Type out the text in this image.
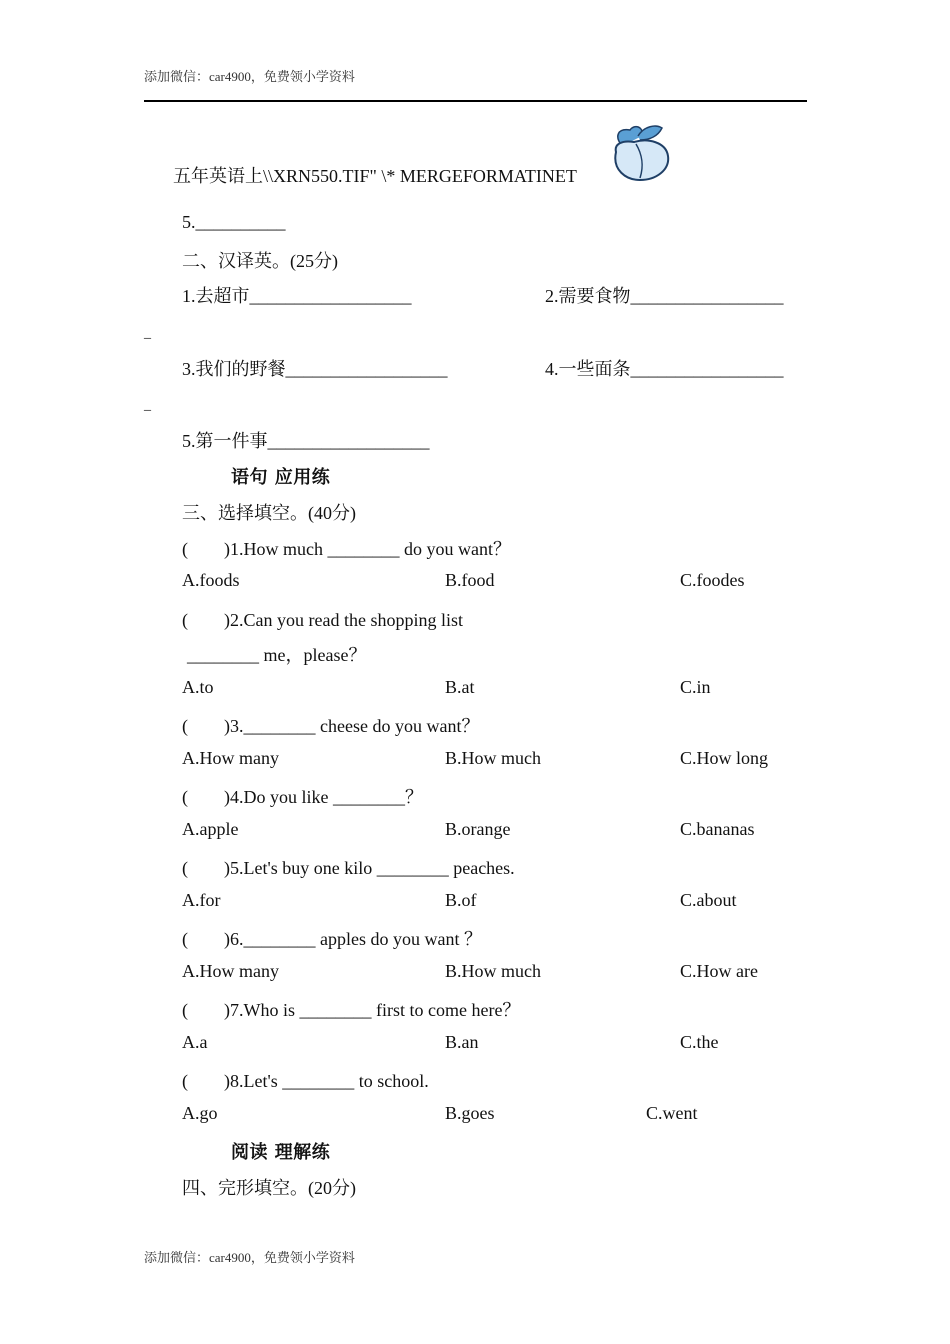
添加微信：car4900，免费领小学资料
五年英语上\\XRN550.TIF" \* MERGEFORMATINET
5.__________
二、汉译英。(25分)
1.去超市__________________	2.需要食物_________________
_
3.我们的野餐__________________	4.一些面条_________________
_
5.第一件事__________________
语句 应用练
三、选择填空。(40分)
(　　)1.How much ________ do you want？
A.foods	B.food	C.foodes
(　　)2.Can you read the shopping list
________ me，please？
A.to	B.at	C.in
(　　)3.________ cheese do you want？
A.How many	B.How much	C.How long
(　　)4.Do you like ________？
A.apple	B.orange	C.bananas
(　　)5.Let's buy one kilo ________ peaches.
A.for	B.of	C.about
(　　)6.________ apples do you want ？
A.How many	B.How much	C.How are
(　　)7.Who is ________ first to come here？
A.a	B.an	C.the
(　　)8.Let's ________ to school.
A.go	B.goes	C.went
阅读 理解练
四、完形填空。(20分)
添加微信：car4900，免费领小学资料
